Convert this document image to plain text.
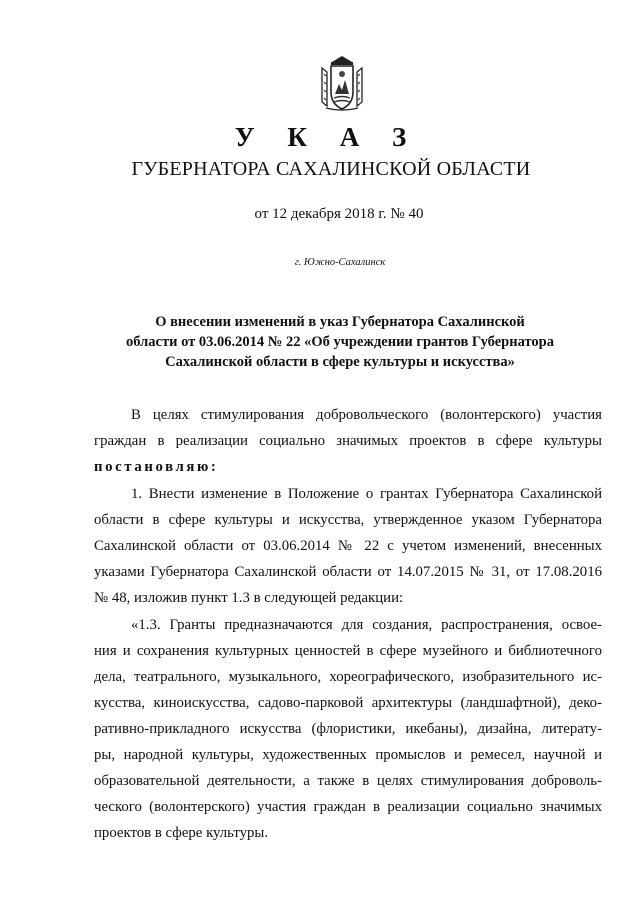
У К А З
ГУБЕРНАТОРА САХАЛИНСКОЙ ОБЛАСТИ
от 12 декабря 2018 г. № 40
г. Южно-Сахалинск
О внесении изменений в указ Губернатора Сахалинской
области от 03.06.2014 № 22 «Об учреждении грантов Губернатора
Сахалинской области в сфере культуры и искусства»
В целях стимулирования добровольческого (волонтерского) участия
граждан в реализации социально значимых проектов в сфере культуры
постановляю:
1. Внести изменение в Положение о грантах Губернатора Сахалинской
области в сфере культуры и искусства, утвержденное указом Губернатора
Сахалинской области от 03.06.2014 № 22 с учетом изменений, внесенных
указами Губернатора Сахалинской области от 14.07.2015 № 31, от 17.08.2016
№ 48, изложив пункт 1.3 в следующей редакции:
«1.3. Гранты предназначаются для создания, распространения, освое-
ния и сохранения культурных ценностей в сфере музейного и библиотечного
дела, театрального, музыкального, хореографического, изобразительного ис-
кусства, киноискусства, садово-парковой архитектуры (ландшафтной), деко-
ративно-прикладного искусства (флористики, икебаны), дизайна, литерату-
ры, народной культуры, художественных промыслов и ремесел, научной и
образовательной деятельности, а также в целях стимулирования доброволь-
ческого (волонтерского) участия граждан в реализации социально значимых
проектов в сфере культуры.
